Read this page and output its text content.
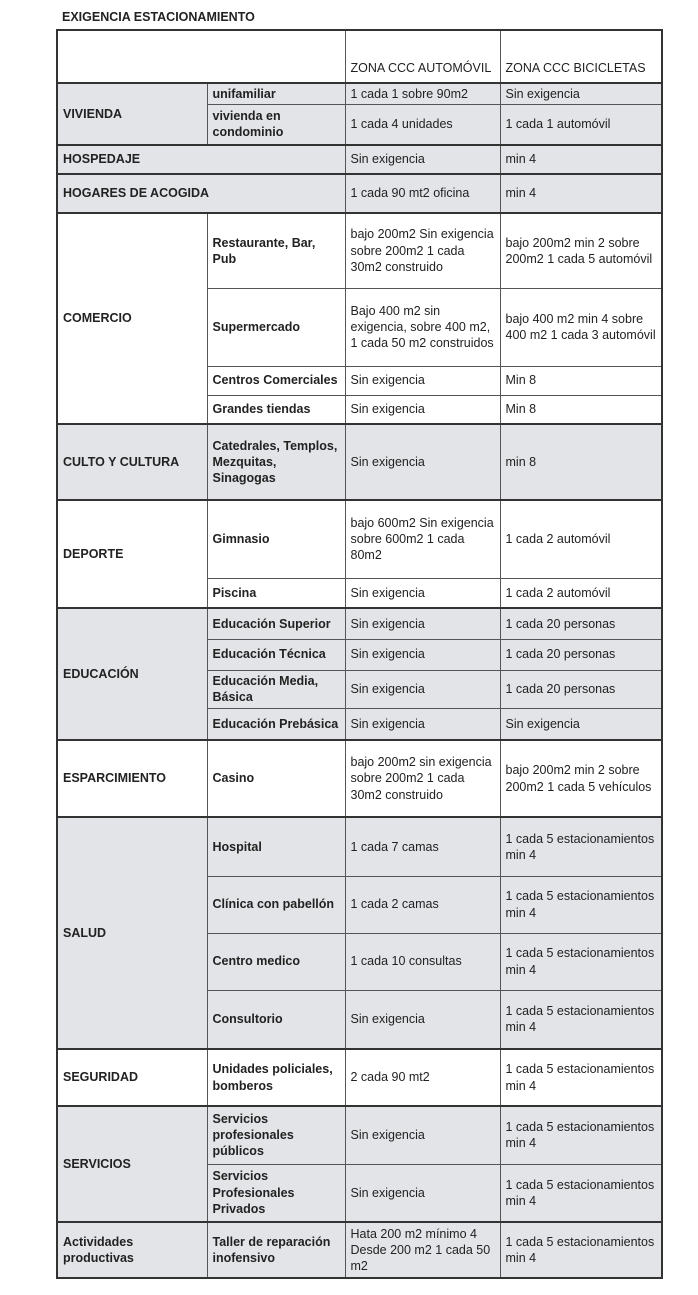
EXIGENCIA ESTACIONAMIENTO
		ZONA CCC AUTOMÓVIL	ZONA CCC BICICLETAS
VIVIENDA	unifamiliar	1 cada 1 sobre 90m2	Sin exigencia
	vivienda en condominio	1 cada 4 unidades	1 cada 1 automóvil
HOSPEDAJE		Sin exigencia	min 4
HOGARES DE ACOGIDA		1 cada 90 mt2 oficina	min 4
COMERCIO	Restaurante, Bar, Pub	bajo 200m2 Sin exigencia sobre 200m2 1 cada 30m2 construido	bajo 200m2 min 2 sobre 200m2 1 cada 5 automóvil
	Supermercado	Bajo 400 m2 sin exigencia, sobre 400 m2, 1 cada 50 m2 construidos	bajo 400 m2 min 4 sobre 400 m2 1 cada 3 automóvil
	Centros Comerciales	Sin exigencia	Min 8
	Grandes tiendas	Sin exigencia	Min 8
CULTO Y CULTURA	Catedrales, Templos, Mezquitas, Sinagogas	Sin exigencia	min 8
DEPORTE	Gimnasio	bajo 600m2 Sin exigencia sobre 600m2 1 cada 80m2	1 cada 2 automóvil
	Piscina	Sin exigencia	1 cada 2 automóvil
EDUCACIÓN	Educación Superior	Sin exigencia	1 cada 20 personas
	Educación Técnica	Sin exigencia	1 cada 20 personas
	Educación Media, Básica	Sin exigencia	1 cada 20 personas
	Educación Prebásica	Sin exigencia	Sin exigencia
ESPARCIMIENTO	Casino	bajo 200m2 sin exigencia sobre 200m2 1 cada 30m2 construido	bajo 200m2 min 2 sobre 200m2 1 cada 5 vehículos
SALUD	Hospital	1 cada 7 camas	1 cada 5 estacionamientos min 4
	Clínica con pabellón	1 cada 2 camas	1 cada 5 estacionamientos min 4
	Centro medico	1 cada 10 consultas	1 cada 5 estacionamientos min 4
	Consultorio	Sin exigencia	1 cada 5 estacionamientos min 4
SEGURIDAD	Unidades policiales, bomberos	2 cada 90 mt2	1 cada 5 estacionamientos min 4
SERVICIOS	Servicios profesionales públicos	Sin exigencia	1 cada 5 estacionamientos min 4
	Servicios Profesionales Privados	Sin exigencia	1 cada 5 estacionamientos min 4
Actividades productivas	Taller de reparación inofensivo	Hata 200 m2 mínimo 4 Desde 200 m2 1 cada 50 m2	1 cada 5 estacionamientos min 4
